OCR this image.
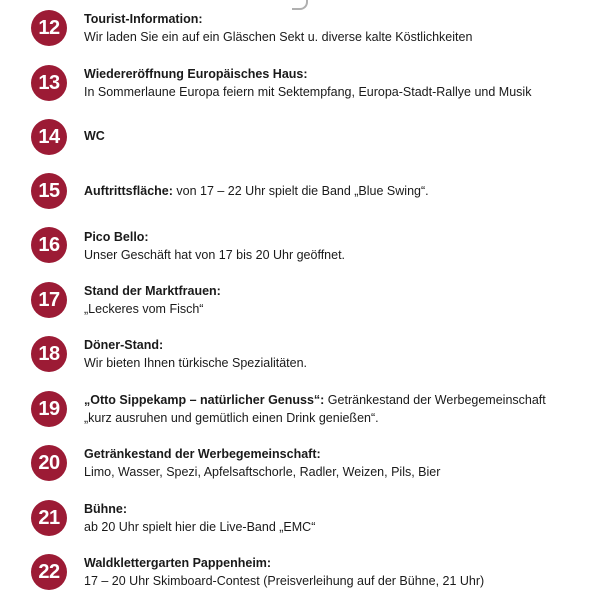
12	Tourist-Information:
Wir laden Sie ein auf ein Gläschen Sekt u. diverse kalte Köstlichkeiten
13	Wiedereröffnung Europäisches Haus:
In Sommerlaune Europa feiern mit Sektempfang, Europa-Stadt-Rallye und Musik
14	WC
15	Auftrittsfläche: von 17 – 22 Uhr spielt die Band „Blue Swing“.
16	Pico Bello:
Unser Geschäft hat von 17 bis 20 Uhr geöffnet.
17	Stand der Marktfrauen:
„Leckeres vom Fisch“
18	Döner-Stand:
Wir bieten Ihnen türkische Spezialitäten.
19	„Otto Sippekamp – natürlicher Genuss“: Getränkestand der Werbegemeinschaft
„kurz ausruhen und gemütlich einen Drink genießen“.
20	Getränkestand der Werbegemeinschaft:
Limo, Wasser, Spezi, Apfelsaftschorle, Radler, Weizen, Pils, Bier
21	Bühne:
ab 20 Uhr spielt hier die Live-Band „EMC“
22	Waldklettergarten Pappenheim:
17 – 20 Uhr Skimboard-Contest (Preisverleihung auf der Bühne, 21 Uhr)
